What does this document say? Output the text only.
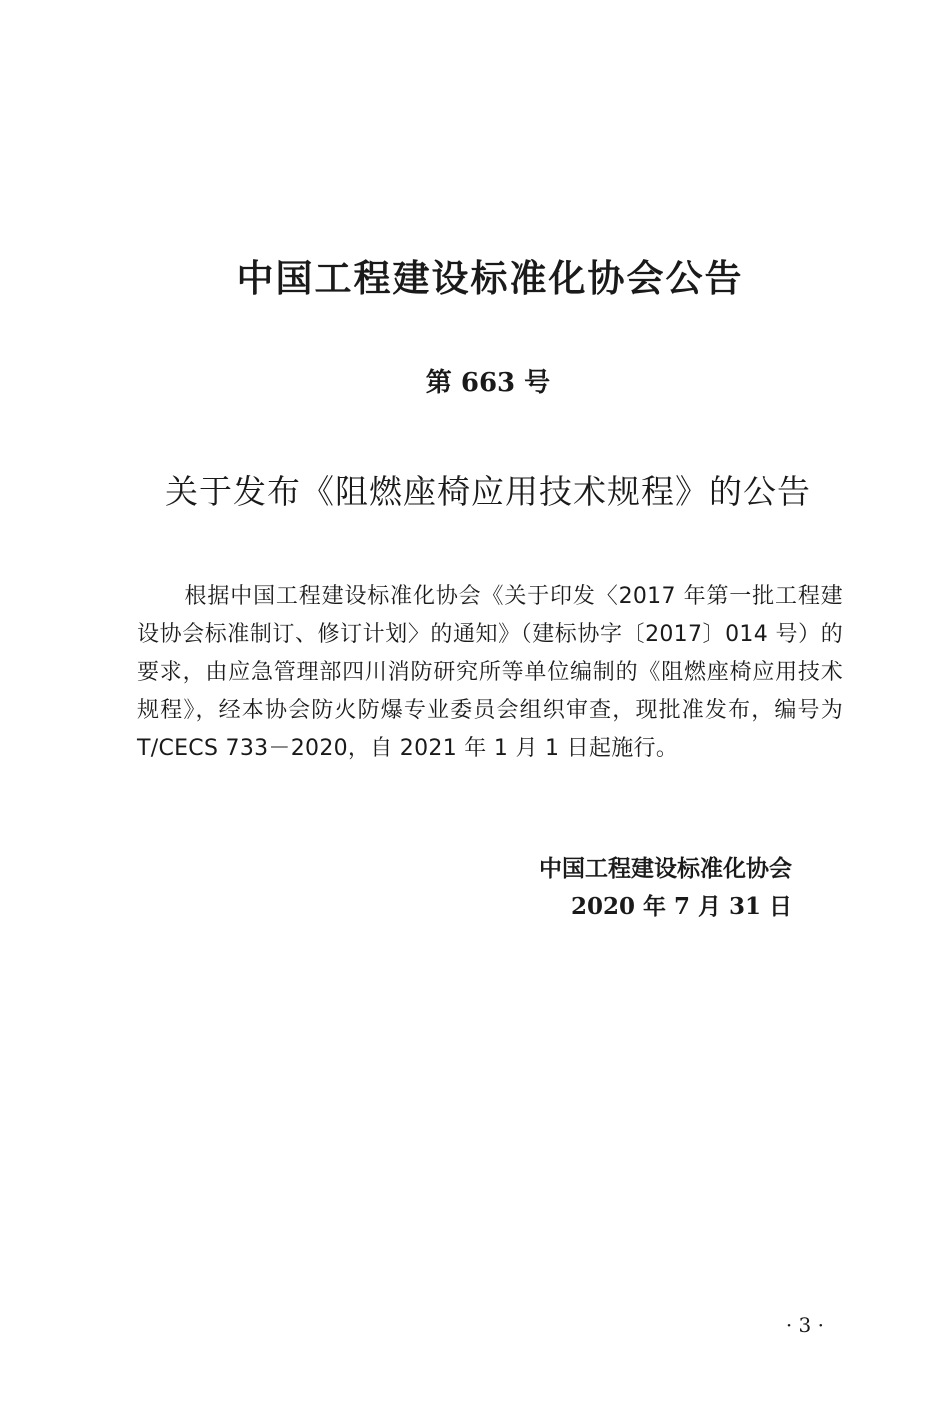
中国工程建设标准化协会公告
第 663 号
关于发布《阻燃座椅应用技术规程》的公告
根据中国工程建设标准化协会《关于印发〈2017 年第一批工程建设协会标准制订、修订计划〉的通知》（建标协字〔2017〕014 号）的要求，由应急管理部四川消防研究所等单位编制的《阻燃座椅应用技术规程》，经本协会防火防爆专业委员会组织审查，现批准发布，编号为 T/CECS 733－2020，自 2021 年 1 月 1 日起施行。
中国工程建设标准化协会
2020 年 7 月 31 日
· 3 ·
